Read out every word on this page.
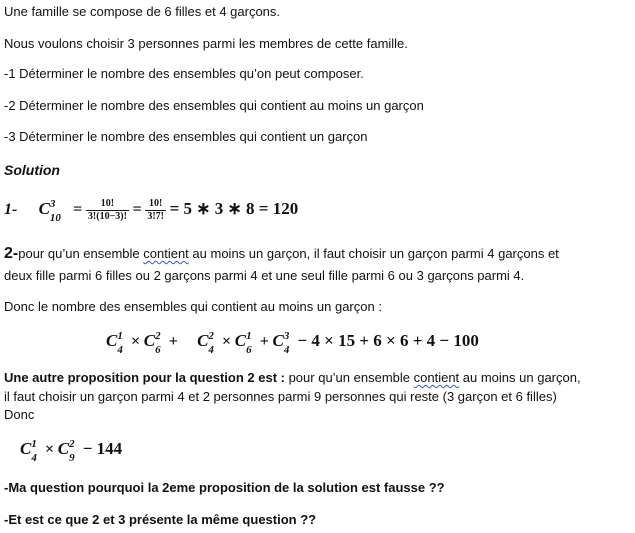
Une famille se compose de 6 filles et 4 garçons.
Nous voulons choisir 3 personnes parmi les membres de cette famille.
-1 Déterminer le nombre des ensembles qu’on peut composer.
-2 Déterminer le nombre des ensembles qui contient au moins un garçon
-3 Déterminer le nombre des ensembles qui contient un garçon
Solution
1- C 3
$10 = \frac{10!}{3!(10-3)!} = \frac{10!}{3!7!} = 5$ ∗ 3 ∗ 8 = 120
2-pour qu’un ensemble contient au moins un garçon, il faut choisir un garçon parmi 4 garçons et
deux fille parmi 6 filles ou 2 garçons parmi 4 et une seul fille parmi 6 ou 3 garçons parmi 4.
Donc le nombre des ensembles qui contient au moins un garçon :
C 1
4 × C 2
6 + C 2
4 × C 1
6 + C 3
4 − 4 × 15 + 6 × 6 + 4 − 100
Une autre proposition pour la question 2 est : pour qu’un ensemble contient au moins un garçon,
il faut choisir un garçon parmi 4 et 2 personnes parmi 9 personnes qui reste (3 garçon et 6 filles)
Donc
C 1
4 × C 2
9 − 144
-Ma question pourquoi la 2eme proposition de la solution est fausse ??
-Et est ce que 2 et 3 présente la même question ??
